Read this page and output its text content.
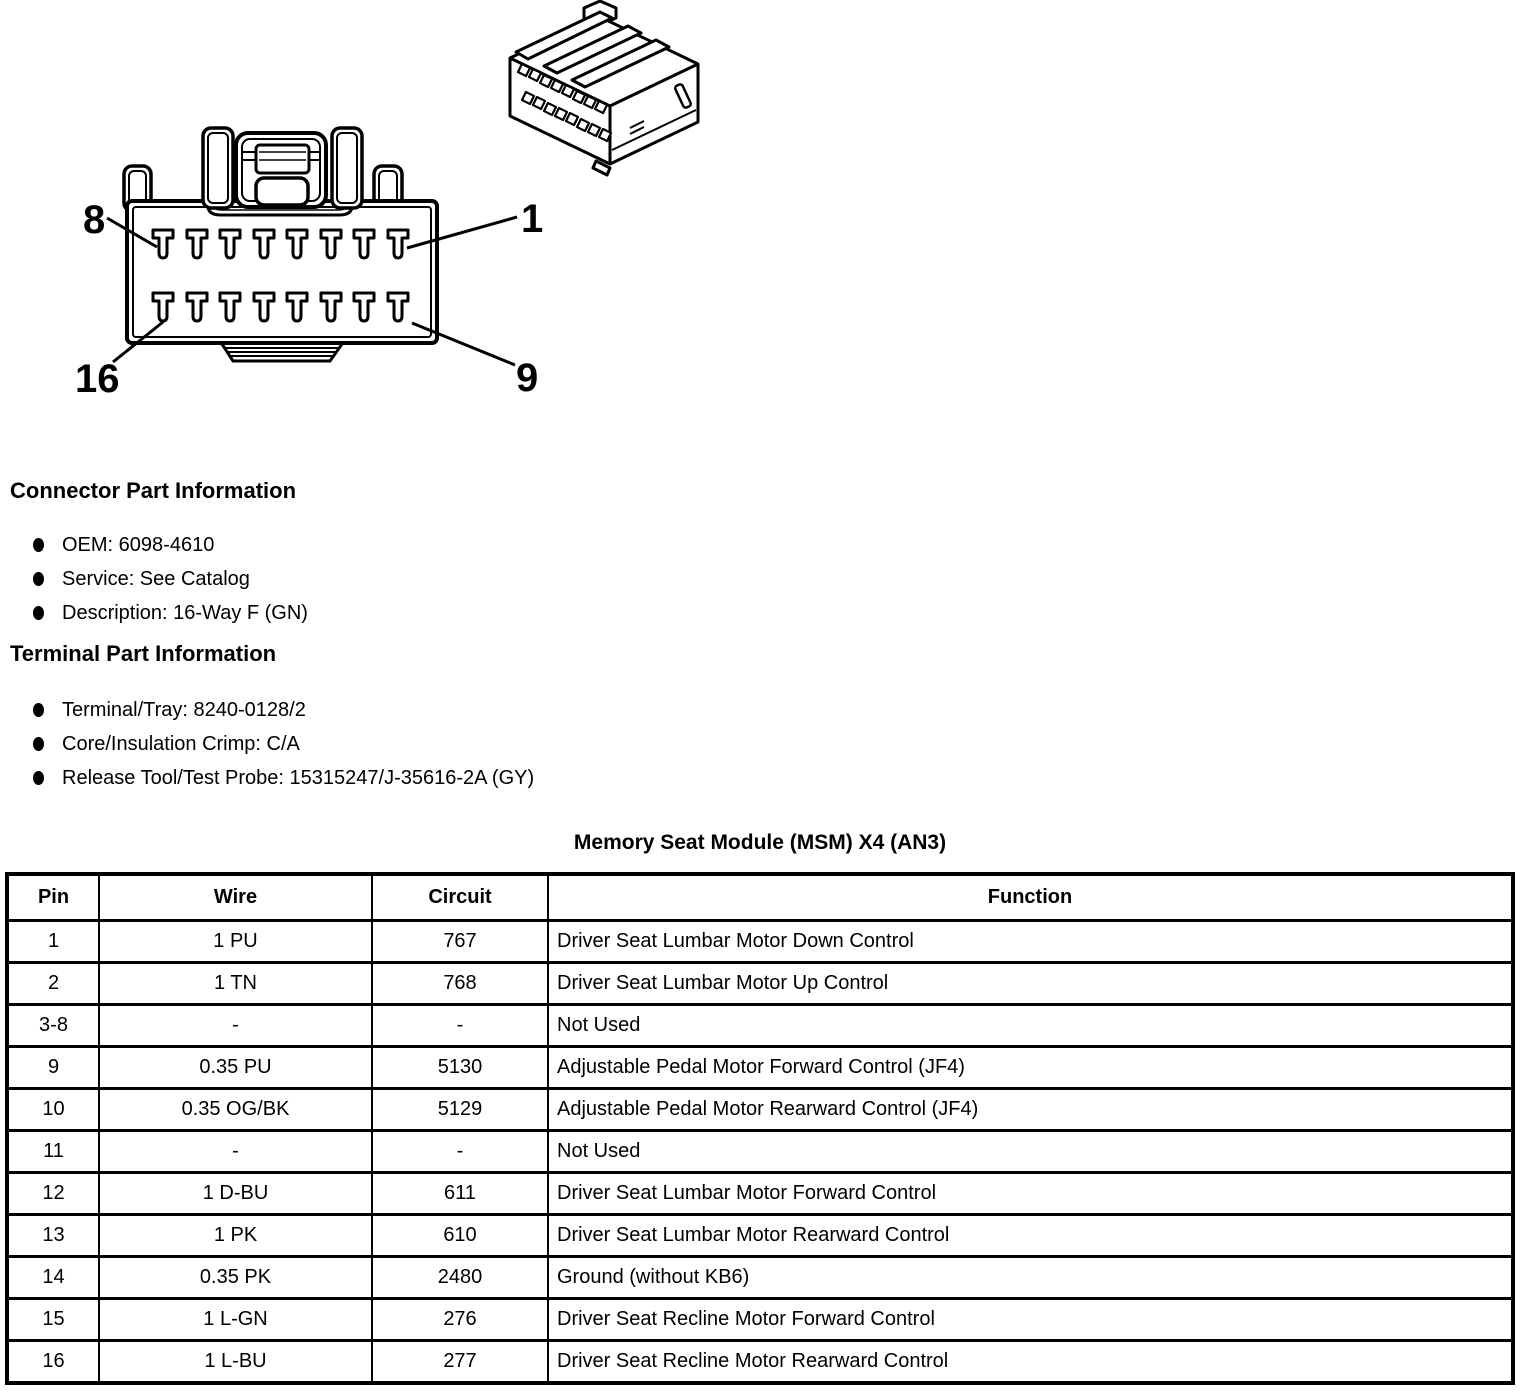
8	1
16	9
Connector Part Information
OEM: 6098-4610
Service: See Catalog
Description: 16-Way F (GN)
Terminal Part Information
Terminal/Tray: 8240-0128/2
Core/Insulation Crimp: C/A
Release Tool/Test Probe: 15315247/J-35616-2A (GY)
Memory Seat Module (MSM) X4 (AN3)
Pin	Wire	Circuit	Function
1	1 PU	767	Driver Seat Lumbar Motor Down Control
2	1 TN	768	Driver Seat Lumbar Motor Up Control
3-8	-	-	Not Used
9	0.35 PU	5130	Adjustable Pedal Motor Forward Control (JF4)
10	0.35 OG/BK	5129	Adjustable Pedal Motor Rearward Control (JF4)
11	-	-	Not Used
12	1 D-BU	611	Driver Seat Lumbar Motor Forward Control
13	1 PK	610	Driver Seat Lumbar Motor Rearward Control
14	0.35 PK	2480	Ground (without KB6)
15	1 L-GN	276	Driver Seat Recline Motor Forward Control
16	1 L-BU	277	Driver Seat Recline Motor Rearward Control
